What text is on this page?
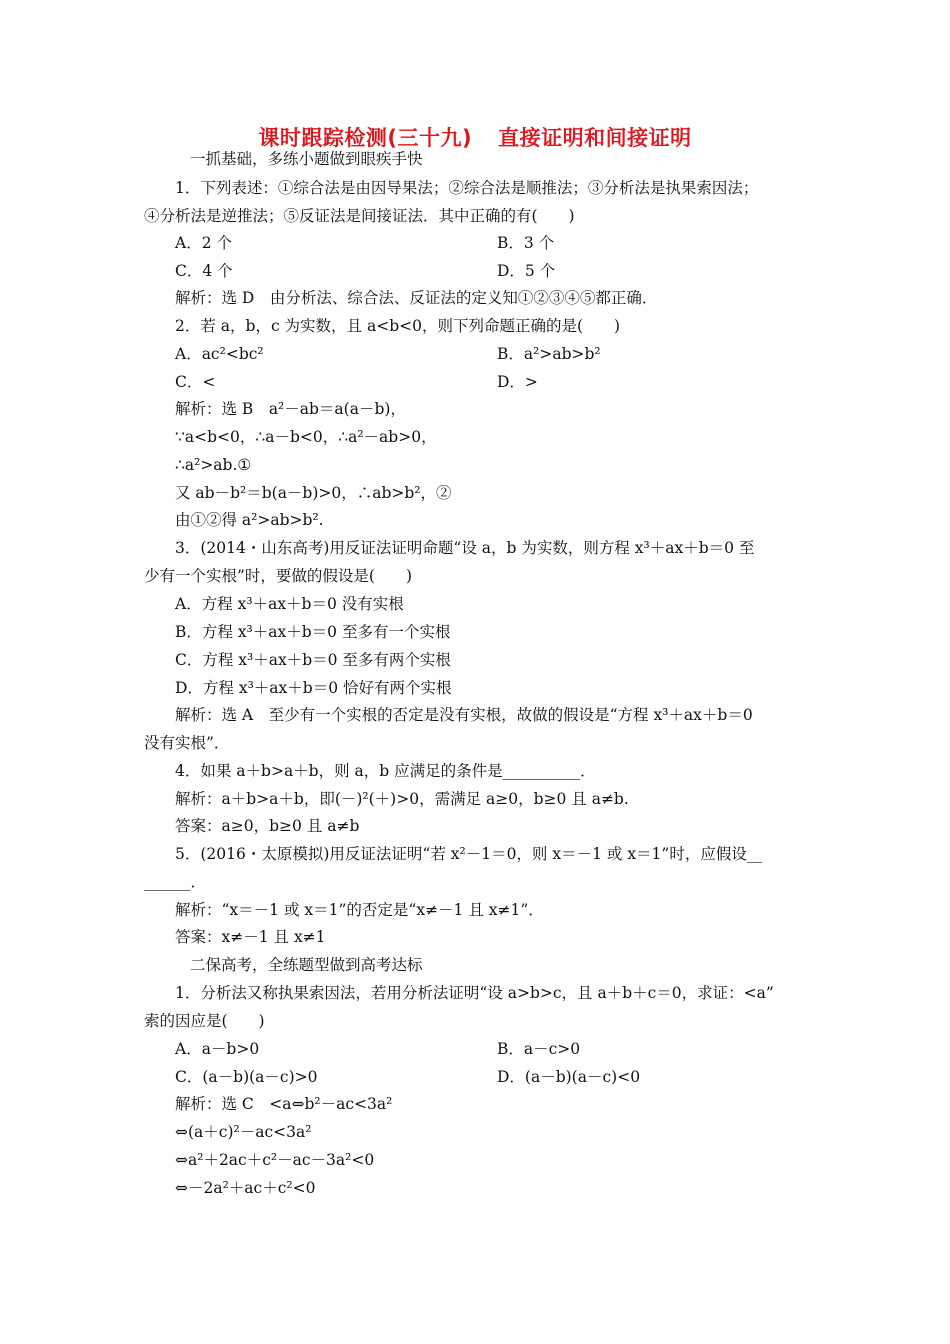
课时跟踪检测(三十九) 直接证明和间接证明
一抓基础，多练小题做到眼疾手快
1．下列表述：①综合法是由因导果法；②综合法是顺推法；③分析法是执果索因法；
④分析法是逆推法；⑤反证法是间接证法．其中正确的有(　　)
A．2 个	B．3 个
C．4 个	D．5 个
解析：选 D　由分析法、综合法、反证法的定义知①②③④⑤都正确．
2．若 a，b，c 为实数，且 a<b<0，则下列命题正确的是(　　)
A．ac²<bc²	B．a²>ab>b²
C．<	D．>
解析：选 B　a²－ab＝a(a－b)，
∵a<b<0，∴a－b<0，∴a²－ab>0，
∴a²>ab.①
又 ab－b²＝b(a－b)>0，∴ab>b²，②
由①②得 a²>ab>b².
3．(2014・山东高考)用反证法证明命题“设 a，b 为实数，则方程 x³＋ax＋b＝0 至
少有一个实根”时，要做的假设是(　　)
A．方程 x³＋ax＋b＝0 没有实根
B．方程 x³＋ax＋b＝0 至多有一个实根
C．方程 x³＋ax＋b＝0 至多有两个实根
D．方程 x³＋ax＋b＝0 恰好有两个实根
解析：选 A　至少有一个实根的否定是没有实根，故做的假设是“方程 x³＋ax＋b＝0
没有实根”．
4．如果 a＋b>a＋b，则 a，b 应满足的条件是__________．
解析：a＋b>a＋b，即(－)²(＋)>0，需满足 a≥0，b≥0 且 a≠b.
答案：a≥0，b≥0 且 a≠b
5．(2016・太原模拟)用反证法证明“若 x²－1＝0，则 x＝－1 或 x＝1”时，应假设__
______．
解析：“x＝－1 或 x＝1”的否定是“x≠－1 且 x≠1”．
答案：x≠－1 且 x≠1
二保高考，全练题型做到高考达标
1．分析法又称执果索因法，若用分析法证明“设 a>b>c，且 a＋b＋c＝0，求证：<a”
索的因应是(　　)
A．a－b>0	B．a－c>0
C．(a－b)(a－c)>0	D．(a－b)(a－c)<0
解析：选 C　<a⇔b²－ac<3a²
⇔(a＋c)²－ac<3a²
⇔a²＋2ac＋c²－ac－3a²<0
⇔－2a²＋ac＋c²<0
